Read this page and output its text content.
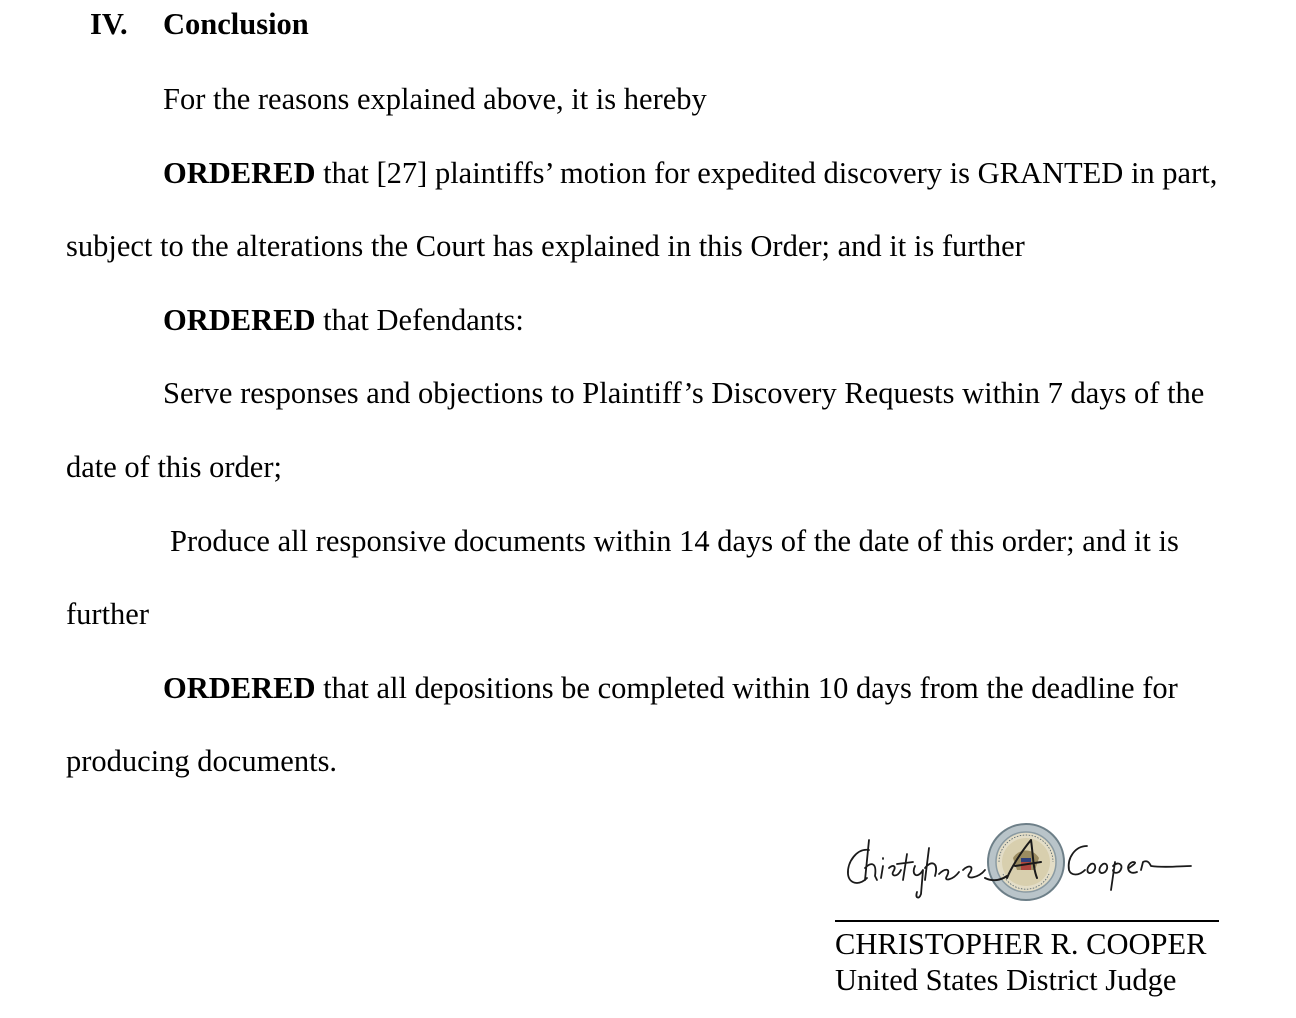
IV. Conclusion

For the reasons explained above, it is hereby

ORDERED that [27] plaintiffs’ motion for expedited discovery is GRANTED in part,

subject to the alterations the Court has explained in this Order; and it is further

ORDERED that Defendants:

Serve responses and objections to Plaintiff’s Discovery Requests within 7 days of the

date of this order;

Produce all responsive documents within 14 days of the date of this order; and it is

further

ORDERED that all depositions be completed within 10 days from the deadline for

producing documents.

CHRISTOPHER R. COOPER
United States District Judge
